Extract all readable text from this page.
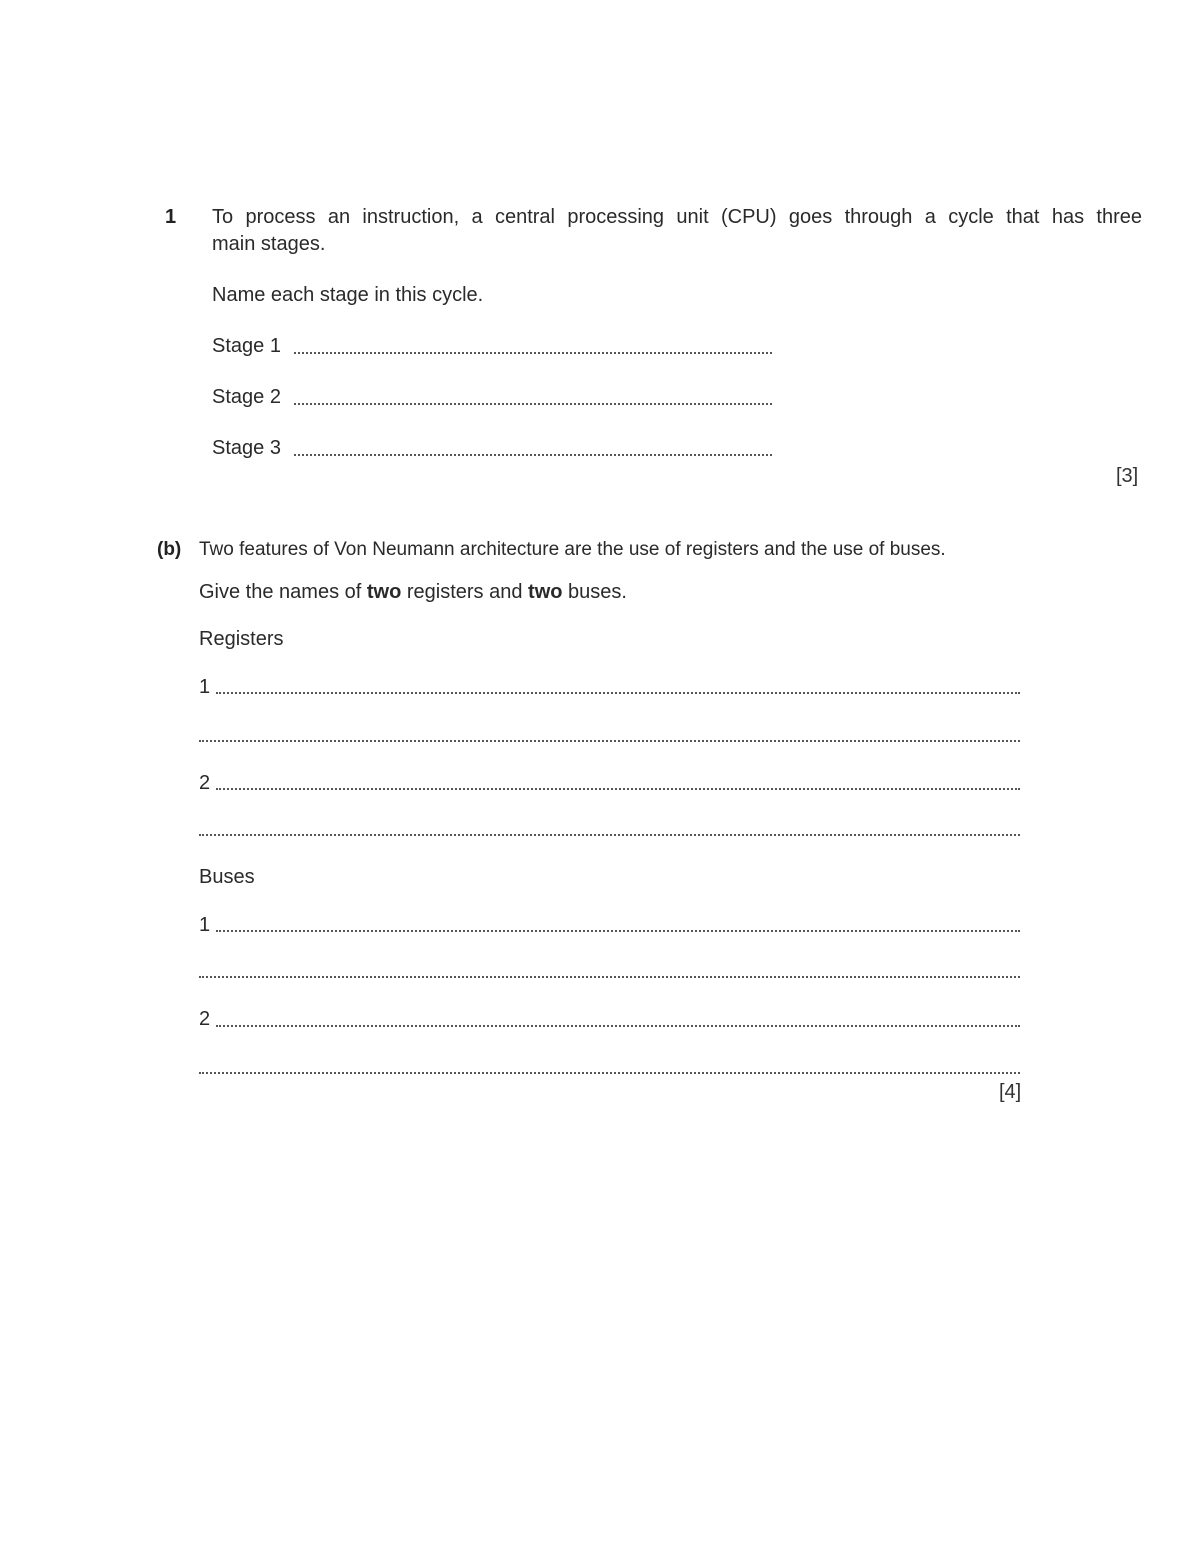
1 To process an instruction, a central processing unit (CPU) goes through a cycle that has three
main stages.
Name each stage in this cycle.
Stage 1
Stage 2
Stage 3
[3]
(b) Two features of Von Neumann architecture are the use of registers and the use of buses.
Give the names of two registers and two buses.
Registers
1
2
Buses
1
2
[4]
